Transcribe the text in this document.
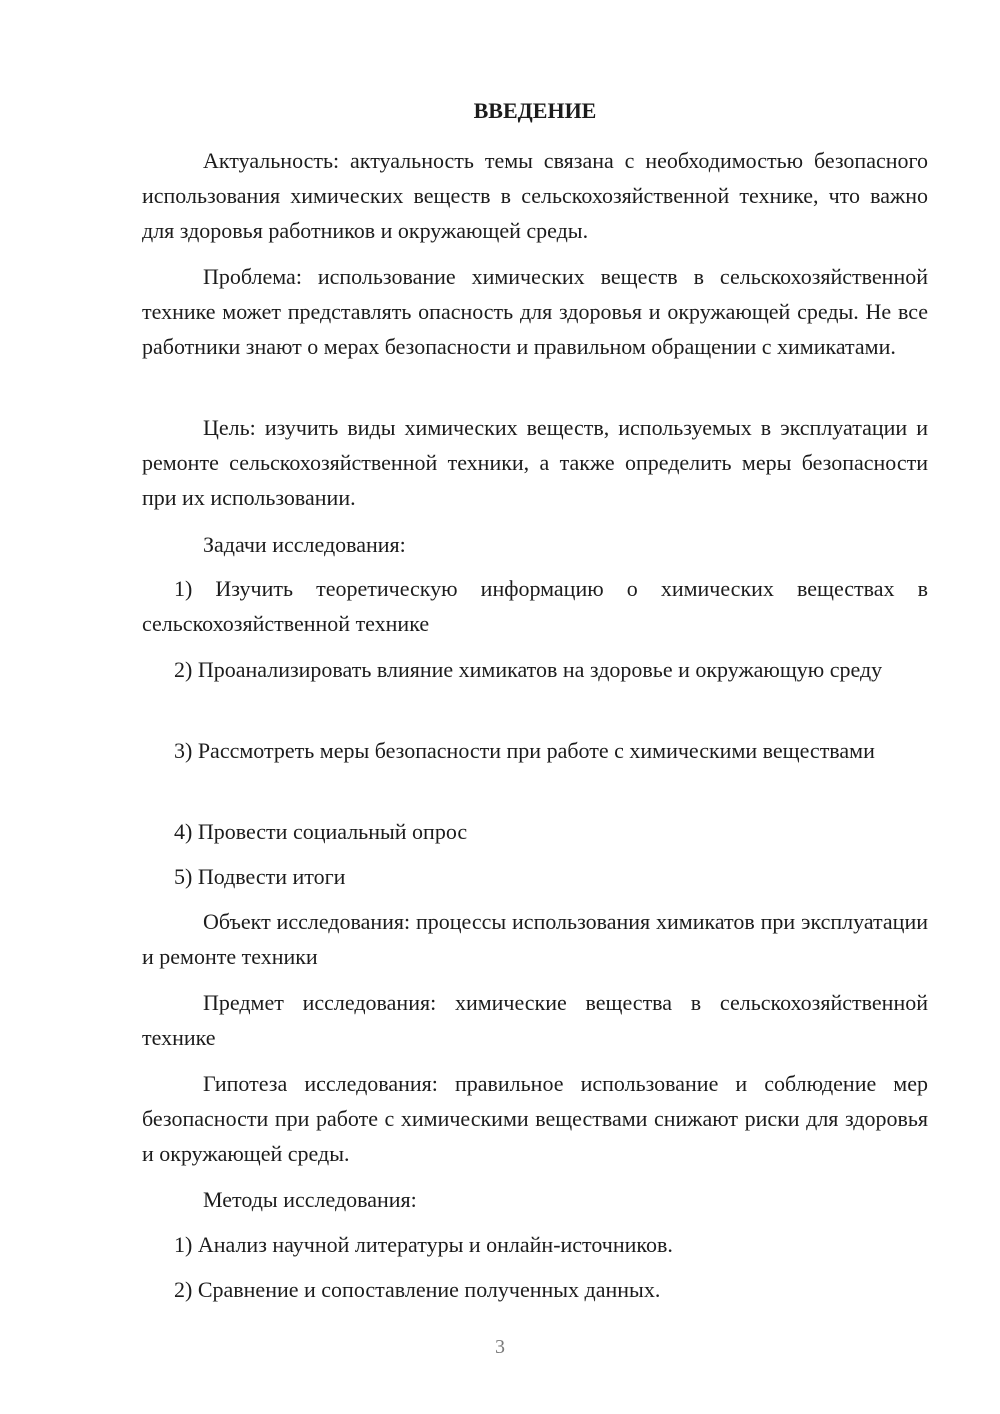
ВВЕДЕНИЕ

Актуальность: актуальность темы связана с необходимостью безопасного использования химических веществ в сельскохозяйственной технике, что важно для здоровья работников и окружающей среды.

Проблема: использование химических веществ в сельскохозяйственной технике может представлять опасность для здоровья и окружающей среды. Не все работники знают о мерах безопасности и правильном обращении с химикатами.

Цель: изучить виды химических веществ, используемых в эксплуатации и ремонте сельскохозяйственной техники, а также определить меры безопасности при их использовании.

Задачи исследования:

1) Изучить теоретическую информацию о химических веществах в сельскохозяйственной технике

2) Проанализировать влияние химикатов на здоровье и окружающую среду

3) Рассмотреть меры безопасности при работе с химическими веществами

4) Провести социальный опрос

5) Подвести итоги

Объект исследования: процессы использования химикатов при эксплуатации и ремонте техники

Предмет исследования: химические вещества в сельскохозяйственной технике

Гипотеза исследования: правильное использование и соблюдение мер безопасности при работе с химическими веществами снижают риски для здоровья и окружающей среды.

Методы исследования:

1) Анализ научной литературы и онлайн-источников.

2) Сравнение и сопоставление полученных данных.

3
